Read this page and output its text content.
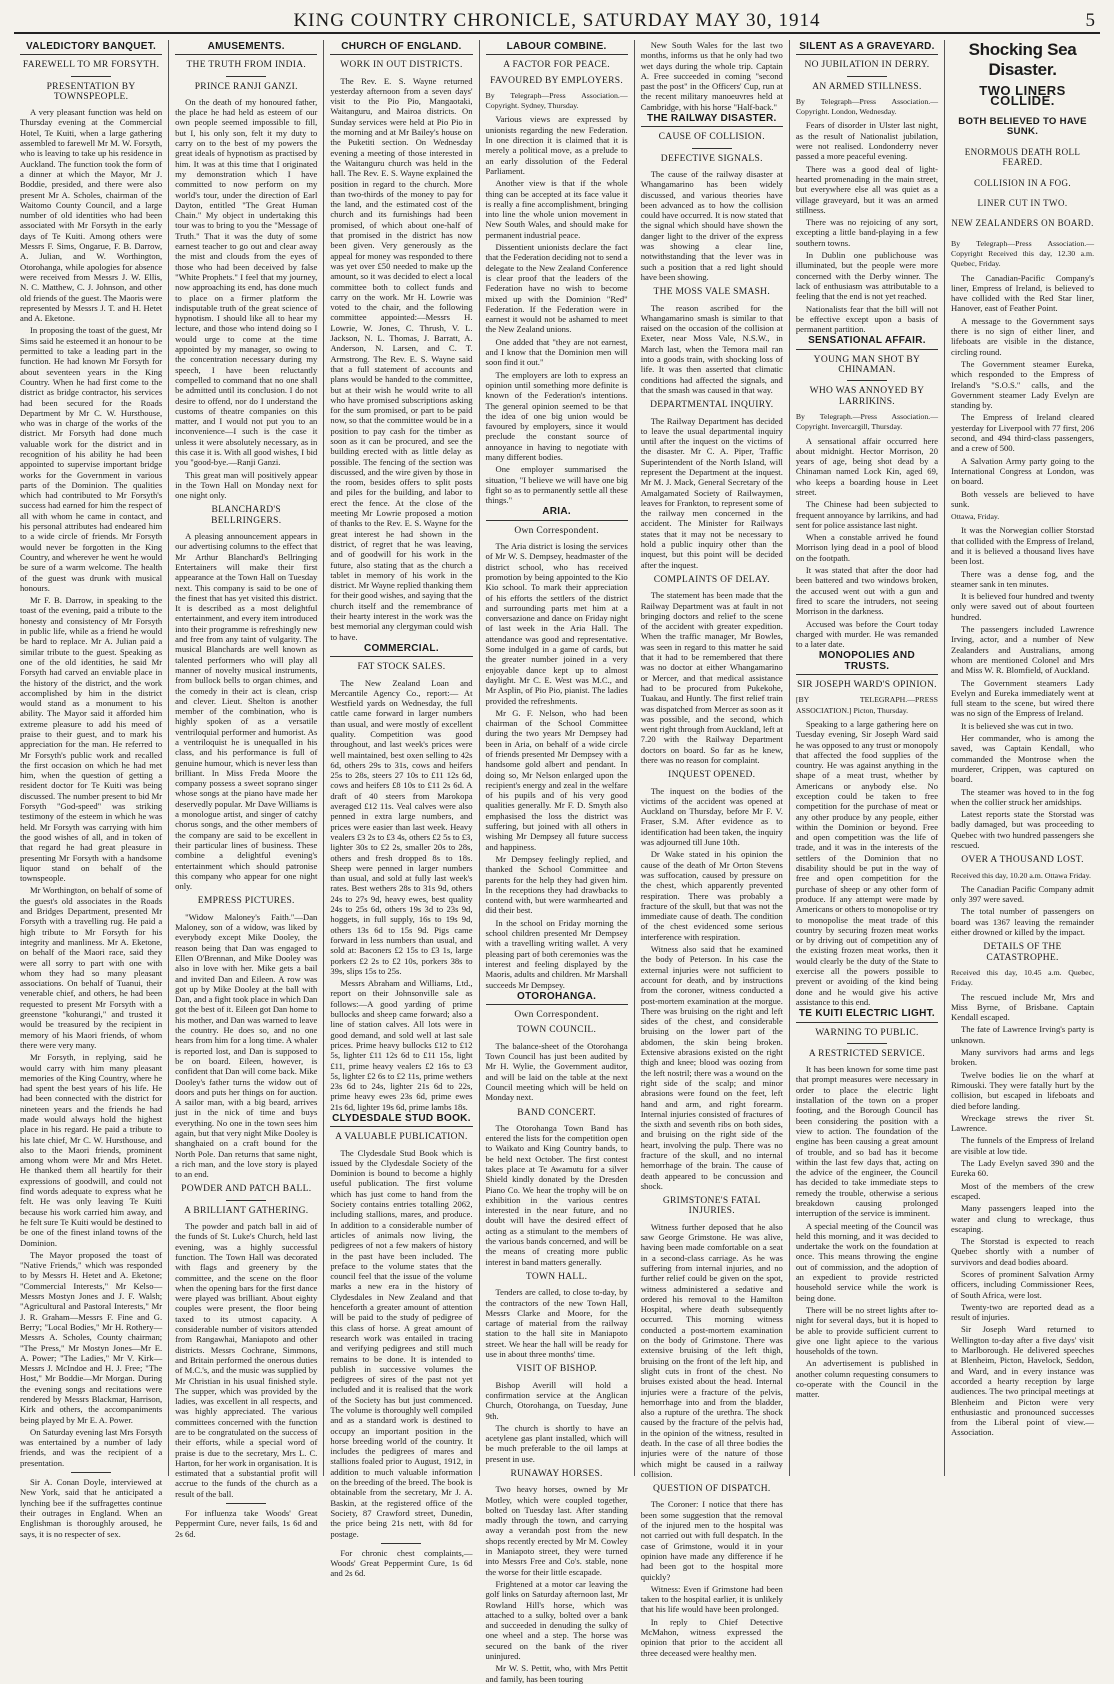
KING COUNTRY CHRONICLE, SATURDAY MAY 30, 1914	5
VALEDICTORY BANQUET.
FAREWELL TO MR FORSYTH.
PRESENTATION BY TOWNSPEOPLE.

A very pleasant function was held on Thursday evening at the Commercial Hotel, Te Kuiti, when a large gathering assembled to farewell Mr M. W. Forsyth, who is leaving to take up his residence in Auckland. The function took the form of a dinner at which the Mayor, Mr J. Boddie, presided, and there were also present Mr A. Scholes, chairman of the Waitomo County Council, and a large number of old identities who had been associated with Mr Forsyth in the early days of Te Kuiti. Among others were Messrs F. Sims, Ongarue, F. B. Darrow, A. Julian, and W. Worthington, Otorohanga, while apologies for absence were received from Messrs J. W. Ellis, N. C. Matthew, C. J. Johnson, and other old friends of the guest. The Maoris were represented by Messrs J. T. and H. Hetet and A. Eketone.

In proposing the toast of the guest, Mr Sims said he esteemed it an honour to be permitted to take a leading part in the function. He had known Mr Forsyth for about seventeen years in the King Country. When he had first come to the district as bridge contractor, his services had been secured for the Roads Department by Mr C. W. Hursthouse, who was in charge of the works of the district. Mr Forsyth had done much valuable work for the district and in recognition of his ability he had been appointed to supervise important bridge works for the Government in various parts of the Dominion. The qualities which had contributed to Mr Forsyth's success had earned for him the respect of all with whom he came in contact, and his personal attributes had endeared him to a wide circle of friends. Mr Forsyth would never be forgotten in the King Country, and wherever he went he would be sure of a warm welcome. The health of the guest was drunk with musical honours.

Mr F. B. Darrow, in speaking to the toast of the evening, paid a tribute to the honesty and consistency of Mr Forsyth in public life, while as a friend he would be hard to replace. Mr A. Julian paid a similar tribute to the guest. Speaking as one of the old identities, he said Mr Forsyth had carved an enviable place in the history of the district, and the work accomplished by him in the district would stand as a monument to his ability. The Mayor said it afforded him extreme pleasure to add his meed of praise to their guest, and to mark his appreciation for the man. He referred to Mr Forsyth's public work and recalled the first occasion on which he had met him, when the question of getting a resident doctor for Te Kuiti was being discussed. The number present to bid Mr Forsyth "God-speed" was striking testimony of the esteem in which he was held. Mr Forsyth was carrying with him the good wishes of all, and in token of that regard he had great pleasure in presenting Mr Forsyth with a handsome liquor stand on behalf of the townspeople.

Mr Worthington, on behalf of some of the guest's old associates in the Roads and Bridges Department, presented Mr Forsyth with a travelling rug. He paid a high tribute to Mr Forsyth for his integrity and manliness. Mr A. Eketone, on behalf of the Maori race, said they were all sorry to part with one with whom they had so many pleasant associations. On behalf of Tuanui, their venerable chief, and others, he had been requested to present Mr Forsyth with a greenstone "kohurangi," and trusted it would be treasured by the recipient in memory of his Maori friends, of whom there were very many.

Mr Forsyth, in replying, said he would carry with him many pleasant memories of the King Country, where he had spent the best years of his life. He had been connected with the district for nineteen years and the friends he had made would always hold the highest place in his regard. He paid a tribute to his late chief, Mr C. W. Hursthouse, and also to the Maori friends, prominent among whom were Mr and Mrs Hetet. He thanked them all heartily for their expressions of goodwill, and could not find words adequate to express what he felt. He was only leaving Te Kuiti because his work carried him away, and he felt sure Te Kuiti would be destined to be one of the finest inland towns of the Dominion.

The Mayor proposed the toast of "Native Friends," which was responded to by Messrs H. Hetet and A. Eketone; "Commercial Interests," Mr Kelso—Messrs Mostyn Jones and J. F. Walsh; "Agricultural and Pastoral Interests," Mr J. R. Graham—Messrs F. Fine and G. Berry; "Local Bodies," Mr H. Rothery—Messrs A. Scholes, County chairman; "The Press," Mr Mostyn Jones—Mr E. A. Power; "The Ladies," Mr V. Kirk—Messrs J. McIndoe and H. J. Free; "The Host," Mr Boddie—Mr Morgan. During the evening songs and recitations were rendered by Messrs Blackmar, Harrison, Kirk and others, the accompaniments being played by Mr E. A. Power.

On Saturday evening last Mrs Forsyth was entertained by a number of lady friends, and was the recipient of a presentation.

Sir A. Conan Doyle, interviewed at New York, said that he anticipated a lynching bee if the suffragettes continue their outrages in England. When an Englishman is thoroughly aroused, he says, it is no respecter of sex.

AMUSEMENTS.
THE TRUTH FROM INDIA.
PRINCE RANJI GANZI.

On the death of my honoured father, the place he had held as esteem of our own people seemed impossible to fill, but I, his only son, felt it my duty to carry on to the best of my powers the great ideals of hypnotism as practised by him. It was at this time that I originated my demonstration which I have committed to now perform on my world's tour, under the direction of Earl Dayton, entitled "The Great Human Chain." My object in undertaking this tour was to bring to you the "Message of Truth." That it was the duty of some earnest teacher to go out and clear away the mist and clouds from the eyes of those who had been deceived by false "White Prophets." I feel that my journey, now approaching its end, has done much to place on a firmer platform the indisputable truth of the great science of hypnotism. I should like all to hear my lecture, and those who intend doing so I would urge to come at the time appointed by my manager, so owing to the concentration necessary during my speech, I have been reluctantly compelled to command that no one shall be admitted until its conclusion. I do not desire to offend, nor do I understand the customs of theatre companies on this matter, and I would not put you to an inconvenience—I such is the case it unless it were absolutely necessary, as in this case it is. With all good wishes, I bid you "good-bye.—Ranji Ganzi.

This great man will positively appear in the Town Hall on Monday next for one night only.

BLANCHARD'S BELLRINGERS.

A pleasing announcement appears in our advertising columns to the effect that Mr Arthur Blanchard's Bellringing Entertainers will make their first appearance at the Town Hall on Tuesday next. This company is said to be one of the finest that has yet visited this district. It is described as a most delightful entertainment, and every item introduced into their programme is refreshingly new and free from any taint of vulgarity. The musical Blanchards are well known as talented performers who will play all manner of novelty musical instruments, from bullock bells to organ chimes, and the comedy in their act is clean, crisp and clever. Lieut. Shelton is another member of the combination, who is highly spoken of as a versatile ventriloquial performer and humorist. As a ventriloquist he is unequalled in his class, and his performance is full of genuine humour, which is never less than brilliant. In Miss Freda Moore the company possess a sweet soprano singer whose songs at the piano have made her deservedly popular. Mr Dave Williams is a monologue artist, and singer of catchy chorus songs, and the other members of the company are said to be excellent in their particular lines of business. These combine a delightful evening's entertainment which should patronise this company who appear for one night only.

EMPRESS PICTURES.

"Widow Maloney's Faith."—Dan Maloney, son of a widow, was liked by everybody except Mike Dooley, the reason being that Dan was engaged to Ellen O'Brennan, and Mike Dooley was also in love with her. Mike gets a bail and invited Dan and Eileen. A row was got up by Mike Dooley at the ball with Dan, and a fight took place in which Dan got the best of it. Eileen got Dan home to his mother, and Dan was warned to leave the country. He does so, and no one hears from him for a long time. A whaler is reported lost, and Dan is supposed to be on board. Eileen, however, is confident that Dan will come back. Mike Dooley's father turns the widow out of doors and puts her things on for auction. A sailor man, with a big beard, arrives just in the nick of time and buys everything. No one in the town sees him again, but that very night Mike Dooley is shanghaied on a craft bound for the North Pole. Dan returns that same night, a rich man, and the love story is played to an end.

POWDER AND PATCH BALL.
A BRILLIANT GATHERING.

The powder and patch ball in aid of the funds of St. Luke's Church, held last evening, was a highly successful function. The Town Hall was decorated with flags and greenery by the committee, and the scene on the floor when the opening bars for the first dance were played was brilliant. About eighty couples were present, the floor being taxed to its utmost capacity. A considerable number of visitors attended from Rangawhai, Maniapoto and other districts. Messrs Cochrane, Simmons, and Britain performed the onerous duties of M.C.'s, and the music was supplied by Mr Christian in his usual finished style. The supper, which was provided by the ladies, was excellent in all respects, and was highly appreciated. The various committees concerned with the function are to be congratulated on the success of their efforts, while a special word of praise is due to the secretary, Mrs L. C. Harton, for her work in organisation. It is estimated that a substantial profit will accrue to the funds of the church as a result of the ball.

For influenza take Woods' Great Peppermint Cure, never fails, 1s 6d and 2s 6d.

CHURCH OF ENGLAND.
WORK IN OUT DISTRICTS.

The Rev. E. S. Wayne returned yesterday afternoon from a seven days' visit to the Pio Pio, Mangaotaki, Waitanguru, and Mairoa districts. On Sunday services were held at Pio Pio in the morning and at Mr Bailey's house on the Puketiti section. On Wednesday evening a meeting of those interested in the Waitanguru church was held in the hall. The Rev. E. S. Wayne explained the position in regard to the church. More than two-thirds of the money to pay for the land, and the estimated cost of the church and its furnishings had been promised, of which about one-half of that promised in the district has now been given. Very generously as the appeal for money was responded to there was yet over £50 needed to make up the amount, so it was decided to elect a local committee both to collect funds and carry on the work. Mr H. Lowrie was voted to the chair, and the following committee appointed:—Messrs H. Lowrie, W. Jones, C. Thrush, V. L. Jackson, N. L. Thomas, J. Barratt, A. Anderson, N. Larsen, and C. T. Armstrong. The Rev. E. S. Wayne said that a full statement of accounts and plans would be handed to the committee, but at their wish he would write to all who have promised subscriptions asking for the sum promised, or part to be paid now, so that the committee would be in a position to pay cash for the timber as soon as it can be procured, and see the building erected with as little delay as possible. The fencing of the section was discussed, and the wire given by those in the room, besides offers to split posts and piles for the building, and labor to erect the fence. At the close of the meeting Mr Lowrie proposed a motion of thanks to the Rev. E. S. Wayne for the great interest he had shown in the district, of regret that he was leaving, and of goodwill for his work in the future, also stating that as the church a tablet in memory of his work in the district. Mr Wayne replied thanking them for their good wishes, and saying that the church itself and the remembrance of their hearty interest in the work was the best memorial any clergyman could wish to have.

COMMERCIAL.
FAT STOCK SALES.

The New Zealand Loan and Mercantile Agency Co., report:— At Westfield yards on Wednesday, the full cattle came forward in larger numbers than usual, and were mostly of excellent quality. Competition was good throughout, and last week's prices were well maintained, best oxen selling to 42s 6d, others 29s to 31s, cows and heifers 25s to 28s, steers 27 10s to £11 12s 6d, cows and heifers £8 10s to £11 2s 6d. A draft of 40 steers from Marokopa averaged £12 11s. Veal calves were also penned in extra large numbers, and prices were easier than last week. Heavy vealers £3 2s to £3 4s, others £2 5s to £3, lighter 30s to £2 2s, smaller 20s to 28s, others and fresh dropped 8s to 18s. Sheep were penned in larger numbers than usual, and sold at fully last week's rates. Best wethers 28s to 31s 9d, others 24s to 27s 9d, heavy ewes, best quality 24s to 25s 6d, others 19s 3d to 23s 9d, hoggets, in full supply, 16s to 19s 9d, others 13s 6d to 15s 9d. Pigs came forward in less numbers than usual, and sold at: Baconers £2 15s to £3 1s, large porkers £2 2s to £2 10s, porkers 38s to 39s, slips 15s to 25s.

Messrs Abraham and Williams, Ltd., report on their Johnsonville sale as follows:—A good yarding of prime bullocks and sheep came forward; also a line of station calves. All lots were in good demand, and sold well at last sale prices. Prime heavy bullocks £12 to £12 5s, lighter £11 12s 6d to £11 15s, light £11, prime heavy vealers £2 16s to £3 5s, lighter £2 6s to £2 11s, prime wethers 23s 6d to 24s, lighter 21s 6d to 22s, prime heavy ewes 23s 6d, prime ewes 21s 6d, lighter 19s 6d, prime lambs 18s.

CLYDESDALE STUD BOOK.
A VALUABLE PUBLICATION.

The Clydesdale Stud Book which is issued by the Clydesdale Society of the Dominion is bound to become a highly useful publication. The first volume which has just come to hand from the Society contains entries totalling 2062, including stallions, mares, and produce. In addition to a considerable number of articles of animals now living, the pedigrees of not a few makers of history in the past have been included. The preface to the volume states that the council feel that the issue of the volume marks a new era in the history of Clydesdales in New Zealand and that henceforth a greater amount of attention will be paid to the study of pedigree of this class of horse. A great amount of research work was entailed in tracing and verifying pedigrees and still much remains to be done. It is intended to publish in successive volumes the pedigrees of sires of the past not yet included and it is realised that the work of the Society has but just commenced. The volume is thoroughly well compiled and as a standard work is destined to occupy an important position in the horse breeding world of the country. It includes the pedigrees of mares and stallions foaled prior to August, 1912, in addition to much valuable information on the breeding of the breed. The book is obtainable from the secretary, Mr J. A. Baskin, at the registered office of the Society, 87 Crawford street, Dunedin, the price being 21s nett, with 8d for postage.

For chronic chest complaints,—Woods' Great Peppermint Cure, 1s 6d and 2s 6d.

LABOUR COMBINE.
A FACTOR FOR PEACE.
FAVOURED BY EMPLOYERS.
By Telegraph—Press Association.—Copyright. Sydney, Thursday.

Various views are expressed by unionists regarding the new Federation. In one direction it is claimed that it is merely a political move, as a prelude to an early dissolution of the Federal Parliament.

Another view is that if the whole thing can be accepted at its face value it is really a fine accomplishment, bringing into line the whole union movement in New South Wales, and should make for permanent industrial peace.

Dissentient unionists declare the fact that the Federation deciding not to send a delegate to the New Zealand Conference is clear proof that the leaders of the Federation have no wish to become mixed up with the Dominion "Red" Federation. If the Federation were in earnest it would not be ashamed to meet the New Zealand unions.

One added that "they are not earnest, and I know that the Dominion men will soon find it out."

The employers are loth to express an opinion until something more definite is known of the Federation's intentions. The general opinion seemed to be that the idea of one big union would be favoured by employers, since it would preclude the constant source of annoyance in having to negotiate with many different bodies.

One employer summarised the situation, "I believe we will have one big fight so as to permanently settle all these things."

ARIA.
Own Correspondent.

The Aria district is losing the services of Mr W. S. Dempsey, headmaster of the district school, who has received promotion by being appointed to the Kio Kio school. To mark their appreciation of his efforts the settlers of the district and surrounding parts met him at a conversazione and dance on Friday night of last week in the Aria Hall. The attendance was good and representative. Some indulged in a game of cards, but the greater number joined in a very enjoyable dance kept up to almost daylight. Mr C. E. West was M.C., and Mr Asplin, of Pio Pio, pianist. The ladies provided the refreshments.

Mr G. F. Nelson, who had been chairman of the School Committee during the two years Mr Dempsey had been in Aria, on behalf of a wide circle of friends presented Mr Dempsey with a handsome gold albert and pendant. In doing so, Mr Nelson enlarged upon the recipient's energy and zeal in the welfare of his pupils and of his very good qualities generally. Mr F. D. Smyth also emphasised the loss the district was suffering, but joined with all others in wishing Mr Dempsey all future success and happiness.

Mr Dempsey feelingly replied, and thanked the School Committee and parents for the help they had given him. In the receptions they had drawbacks to contend with, but were warmhearted and did their best.

In the school on Friday morning the school children presented Mr Dempsey with a travelling writing wallet. A very pleasing part of both ceremonies was the interest and feeling displayed by the Maoris, adults and children. Mr Marshall succeeds Mr Dempsey.

OTOROHANGA.
Own Correspondent.
TOWN COUNCIL.

The balance-sheet of the Otorohanga Town Council has just been audited by Mr H. Wylie, the Government auditor, and will be laid on the table at the next Council meeting which will be held on Monday next.

BAND CONCERT.

The Otorohanga Town Band has entered the lists for the competition open to Waikato and King Country bands, to be held next October. The first contest takes place at Te Awamutu for a silver Shield kindly donated by the Dresden Piano Co. We hear the trophy will be on exhibition in the various centres interested in the near future, and no doubt will have the desired effect of acting as a stimulant to the members of the various bands concerned, and will be the means of creating more public interest in band matters generally.

TOWN HALL.

Tenders are called, to close to-day, by the contractors of the new Town Hall, Messrs Clarke and Moore, for the cartage of material from the railway station to the hall site in Maniapoto street. We hear the hall will be ready for use in about three months' time.

VISIT OF BISHOP.

Bishop Averill will hold a confirmation service at the Anglican Church, Otorohanga, on Tuesday, June 9th.

The church is shortly to have an acetylene gas plant installed, which will be much preferable to the oil lamps at present in use.

RUNAWAY HORSES.

Two heavy horses, owned by Mr Motley, which were coupled together, bolted on Tuesday last. After standing madly through the town, and carrying away a verandah post from the new shops recently erected by Mr M. Cowley in Maniapoto street, they were turned into Messrs Free and Co's. stable, none the worse for their little escapade.

Frightened at a motor car leaving the golf links on Saturday afternoon last, Mr Rowland Hill's horse, which was attached to a sulky, bolted over a bank and succeeded in denuding the sulky of one wheel and a step. The horse was secured on the bank of the river uninjured.

Mr W. S. Pettit, who, with Mrs Pettit and family, has been touring

New South Wales for the last two months, informs us that he only had two wet days during the whole trip. Captain A. Free succeeded in coming "second past the post" in the Officers' Cup, run at the recent military manoeuvres held at Cambridge, with his horse "Half-back."

THE RAILWAY DISASTER.
CAUSE OF COLLISION.
DEFECTIVE SIGNALS.

The cause of the railway disaster at Whangamarino has been widely discussed, and various theories have been advanced as to how the collision could have occurred. It is now stated that the signal which should have shown the danger light to the driver of the express was showing a clear line, notwithstanding that the lever was in such a position that a red light should have been showing.

THE MOSS VALE SMASH.

The reason ascribed for the Whangamarino smash is similar to that raised on the occasion of the collision at Exeter, near Moss Vale, N.S.W., in March last, when the Temora mail ran into a goods train, with shocking loss of life. It was then asserted that climatic conditions had affected the signals, and that the smash was caused in that way.

DEPARTMENTAL INQUIRY.

The Railway Department has decided to leave the usual departmental inquiry until after the inquest on the victims of the disaster. Mr C. A. Piper, Traffic Superintendent of the North Island, will represent the Department at the inquest. Mr M. J. Mack, General Secretary of the Amalgamated Society of Railwaymen, leaves for Frankton, to represent some of the railway men concerned in the accident. The Minister for Railways states that it may not be necessary to hold a public inquiry other than the inquest, but this point will be decided after the inquest.

COMPLAINTS OF DELAY.

The statement has been made that the Railway Department was at fault in not bringing doctors and relief to the scene of the accident with greater expedition. When the traffic manager, Mr Bowles, was seen in regard to this matter he said that it had to be remembered that there was no doctor at either Whangamarino or Mercer, and that medical assistance had to be procured from Pukekohe, Tuakau, and Huntly. The first relief train was dispatched from Mercer as soon as it was possible, and the second, which went right through from Auckland, left at 7.20 with the Railway Department doctors on board. So far as he knew, there was no reason for complaint.

INQUEST OPENED.

The inquest on the bodies of the victims of the accident was opened at Auckland on Thursday, before Mr F. V. Fraser, S.M. After evidence as to identification had been taken, the inquiry was adjourned till June 10th.

Dr Wake stated in his opinion the cause of the death of Mr Orton Stevens was suffocation, caused by pressure on the chest, which apparently prevented respiration. There was probably a fracture of the skull, but that was not the immediate cause of death. The condition of the chest evidenced some serious interference with respiration.

Witness also said that he examined the body of Peterson. In his case the external injuries were not sufficient to account for death, and by instructions from the coroner, witness conducted a post-mortem examination at the morgue. There was bruising on the right and left sides of the chest, and considerable bruising on the lower part of the abdomen, the skin being broken. Extensive abrasions existed on the right thigh and knee; blood was oozing from the left nostril; there was a wound on the right side of the scalp; and minor abrasions were found on the feet, left hand and arm, and right forearm. Internal injuries consisted of fractures of the sixth and seventh ribs on both sides, and bruising on the right side of the heart, involving the pulp. There was no fracture of the skull, and no internal hemorrhage of the brain. The cause of death appeared to be concussion and shock.

GRIMSTONE'S FATAL INJURIES.

Witness further deposed that he also saw George Grimstone. He was alive, having been made comfortable on a seat in a second-class carriage. As he was suffering from internal injuries, and no further relief could be given on the spot, witness administered a sedative and ordered his removal to the Hamilton Hospital, where death subsequently occurred. This morning witness conducted a post-mortem examination on the body of Grimstone. There was extensive bruising of the left thigh, bruising on the front of the left hip, and slight cuts in front of the chest. No bruises existed about the head. Internal injuries were a fracture of the pelvis, hemorrhage into and from the bladder, also a rupture of the urethra. The shock caused by the fracture of the pelvis had, in the opinion of the witness, resulted in death. In the case of all three bodies the injuries were of the nature of those which might be caused in a railway collision.

QUESTION OF DISPATCH.

The Coroner: I notice that there has been some suggestion that the removal of the injured men to the hospital was not carried out with full despatch. In the case of Grimstone, would it in your opinion have made any difference if he had been got to the hospital more quickly?

Witness: Even if Grimstone had been taken to the hospital earlier, it is unlikely that his life would have been prolonged.

In reply to Chief Detective McMahon, witness expressed the opinion that prior to the accident all three deceased were healthy men.

SILENT AS A GRAVEYARD.
NO JUBILATION IN DERRY.
AN ARMED STILLNESS.
By Telegraph—Press Association.—Copyright. London, Wednesday.

Fears of disorder in Ulster last night, as the result of Nationalist jubilation, were not realised. Londonderry never passed a more peaceful evening.

There was a good deal of light-hearted promenading in the main street, but everywhere else all was quiet as a village graveyard, but it was an armed stillness.

There was no rejoicing of any sort, excepting a little band-playing in a few southern towns.

In Dublin one publichouse was illuminated, but the people were more concerned with the Derby winner. The lack of enthusiasm was attributable to a feeling that the end is not yet reached.

Nationalists fear that the bill will not be effective except upon a basis of permanent partition.

SENSATIONAL AFFAIR.
YOUNG MAN SHOT BY CHINAMAN.
WHO WAS ANNOYED BY LARRIKINS.
By Telegraph.—Press Association.—Copyright. Invercargill, Thursday.

A sensational affair occurred here about midnight. Hector Morrison, 20 years of age, being shot dead by a Chinaman named Lock Kin, aged 69, who keeps a boarding house in Leet street.

The Chinese had been subjected to frequent annoyance by larrikins, and had sent for police assistance last night.

When a constable arrived he found Morrison lying dead in a pool of blood on the footpath.

It was stated that after the door had been battered and two windows broken, the accused went out with a gun and fired to scare the intruders, not seeing Morrison in the darkness.

Accused was before the Court today charged with murder. He was remanded to a later date.

MONOPOLIES AND TRUSTS.
SIR JOSEPH WARD'S OPINION.
[BY TELEGRAPH.—PRESS ASSOCIATION.] Picton, Thursday.

Speaking to a large gathering here on Tuesday evening, Sir Joseph Ward said he was opposed to any trust or monopoly that affected the food supplies of the country. He was against anything in the shape of a meat trust, whether by Americans or anybody else. No exception could be taken to free competition for the purchase of meat or any other produce by any people, either within the Dominion or beyond. Free and open competition was the life of trade, and it was in the interests of the settlers of the Dominion that no disability should be put in the way of free and open competition for the purchase of sheep or any other form of produce. If any attempt were made by Americans or others to monopolise or try to monopolise the meat trade of this country by securing frozen meat works or by driving out of competition any of the existing frozen meat works, then it would clearly be the duty of the State to exercise all the powers possible to prevent or avoiding of the kind being done and he would give his active assistance to this end.

TE KUITI ELECTRIC LIGHT.
WARNING TO PUBLIC.
A RESTRICTED SERVICE.

It has been known for some time past that prompt measures were necessary in order to place the electric light installation of the town on a proper footing, and the Borough Council has been considering the position with a view to action. The foundation of the engine has been causing a great amount of trouble, and so bad has it become within the last few days that, acting on the advice of the engineer, the Council has decided to take immediate steps to remedy the trouble, otherwise a serious breakdown causing prolonged interruption of the service is imminent.

A special meeting of the Council was held this morning, and it was decided to undertake the work on the foundation at once. This means throwing the engine out of commission, and the adoption of an expedient to provide restricted household service while the work is being done.

There will be no street lights after to-night for several days, but it is hoped to be able to provide sufficient current to give one light apiece to the various households of the town.

An advertisement is published in another column requesting consumers to co-operate with the Council in the matter.

Shocking Sea Disaster.
TWO LINERS COLLIDE.
BOTH BELIEVED TO HAVE SUNK.
ENORMOUS DEATH ROLL FEARED.
COLLISION IN A FOG.
LINER CUT IN TWO.
NEW ZEALANDERS ON BOARD.
By Telegraph—Press Association.—Copyright Received this day, 12.30 a.m. Quebec, Friday.

The Canadian-Pacific Company's liner, Empress of Ireland, is believed to have collided with the Red Star liner, Hanover, east of Feather Point.

A message to the Government says there is no sign of either liner, and lifeboats are visible in the distance, circling round.

The Government steamer Eureka, which responded to the Empress of Ireland's "S.O.S." calls, and the Government steamer Lady Evelyn are standing by.

The Empress of Ireland cleared yesterday for Liverpool with 77 first, 206 second, and 494 third-class passengers, and a crew of 500.

A Salvation Army party going to the International Congress at London, was on board.

Both vessels are believed to have sunk.

Ottawa, Friday.

It was the Norwegian collier Storstad that collided with the Empress of Ireland, and it is believed a thousand lives have been lost.

There was a dense fog, and the steamer sank in ten minutes.

It is believed four hundred and twenty only were saved out of about fourteen hundred.

The passengers included Lawrence Irving, actor, and a number of New Zealanders and Australians, among whom are mentioned Colonel and Mrs and Miss W. R. Blomfield, of Auckland.

The Government steamers Lady Evelyn and Eureka immediately went at full steam to the scene, but wired there was no sign of the Empress of Ireland.

It is believed she was cut in two.

Her commander, who is among the saved, was Captain Kendall, who commanded the Montrose when the murderer, Crippen, was captured on board.

The steamer was hoved to in the fog when the collier struck her amidships.

Latest reports state the Storstad was badly damaged, but was proceeding to Quebec with two hundred passengers she rescued.

OVER A THOUSAND LOST.
Received this day, 10.20 a.m. Ottawa Friday.

The Canadian Pacific Company admit only 397 were saved.

The total number of passengers on board was 1367 leaving the remainder either drowned or killed by the impact.

DETAILS OF THE CATASTROPHE.
Received this day, 10.45 a.m. Quebec, Friday.

The rescued include Mr, Mrs and Miss Byrne, of Brisbane. Captain Kendall escaped.

The fate of Lawrence Irving's party is unknown.

Many survivors had arms and legs broken.

Twelve bodies lie on the wharf at Rimouski. They were fatally hurt by the collision, but escaped in lifeboats and died before landing.

Wreckage strews the river St. Lawrence.

The funnels of the Empress of Ireland are visible at low tide.

The Lady Evelyn saved 390 and the Eureka 60.

Most of the members of the crew escaped.

Many passengers leaped into the water and clung to wreckage, thus escaping.

The Storstad is expected to reach Quebec shortly with a number of survivors and dead bodies aboard.

Scores of prominent Salvation Army officers, including Commissioner Rees, of South Africa, were lost.

Twenty-two are reported dead as a result of injuries.

Sir Joseph Ward returned to Wellington to-day after a five days' visit to Marlborough. He delivered speeches at Blenheim, Picton, Havelock, Seddon, and Ward, and in every instance was accorded a hearty reception by large audiences. The two principal meetings at Blenheim and Picton were very enthusiastic and pronounced successes from the Liberal point of view.—Association.
